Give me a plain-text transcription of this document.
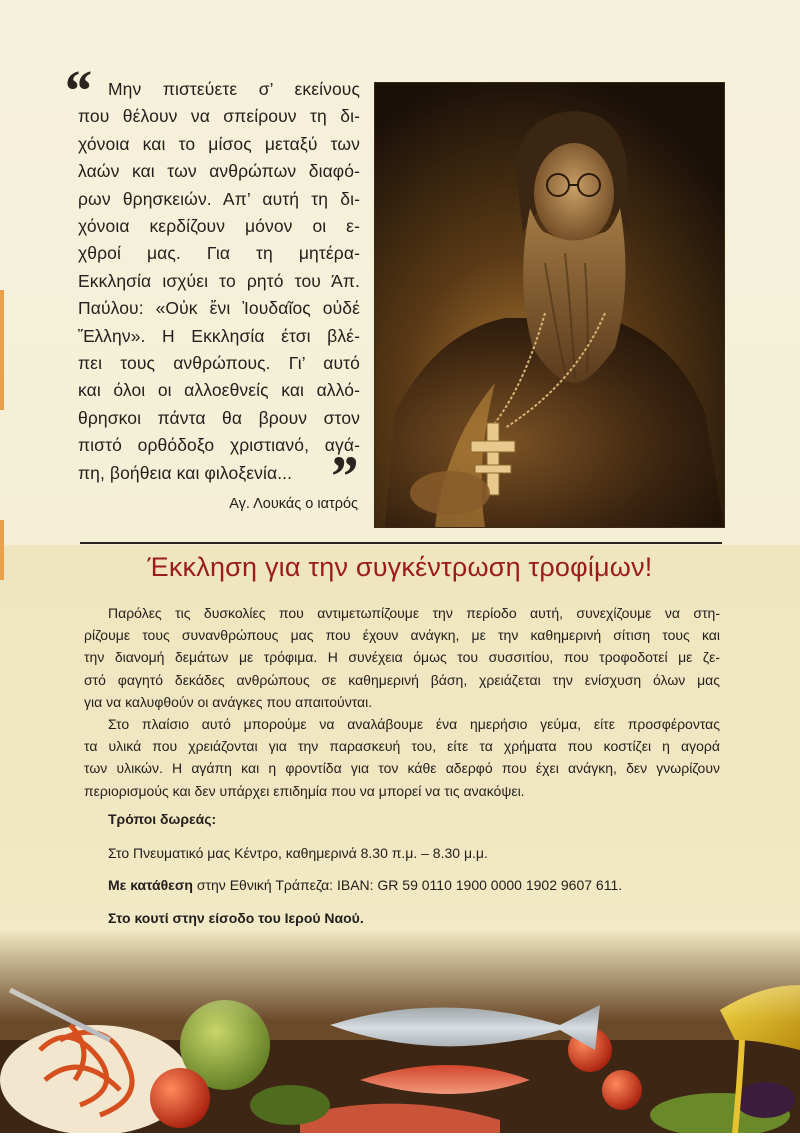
“ Μην πιστεύετε σ’ εκείνους
που θέλουν να σπείρουν τη δι-
χόνοια και το μίσος μεταξύ των
λαών και των ανθρώπων διαφό-
ρων θρησκειών. Απ’ αυτή τη δι-
χόνοια κερδίζουν μόνον οι ε-
χθροί μας. Για τη μητέρα-
Εκκλησία ισχύει το ρητό του Άπ.
Παύλου: «Οὐκ ἔνι Ἰουδαῖος οὐδέ
Ἕλλην». Η Εκκλησία έτσι βλέ-
πει τους ανθρώπους. Γι’ αυτό
και όλοι οι αλλοεθνείς και αλλό-
θρησκοι πάντα θα βρουν στον
πιστό ορθόδοξο χριστιανό, αγά-
πη, βοήθεια και φιλοξενία... ”
Αγ. Λουκάς ο ιατρός
Έκκληση για την συγκέντρωση τροφίμων!
Παρόλες τις δυσκολίες που αντιμετωπίζουμε την περίοδο αυτή, συνεχίζουμε να στη-
ρίζουμε τους συνανθρώπους μας που έχουν ανάγκη, με την καθημερινή σίτιση τους και
την διανομή δεμάτων με τρόφιμα. Η συνέχεια όμως του συσσιτίου, που τροφοδοτεί με ζε-
στό φαγητό δεκάδες ανθρώπους σε καθημερινή βάση, χρειάζεται την ενίσχυση όλων μας
για να καλυφθούν οι ανάγκες που απαιτούνται.
Στο πλαίσιο αυτό μπορούμε να αναλάβουμε ένα ημερήσιο γεύμα, είτε προσφέροντας
τα υλικά που χρειάζονται για την παρασκευή του, είτε τα χρήματα που κοστίζει η αγορά
των υλικών. Η αγάπη και η φροντίδα για τον κάθε αδερφό που έχει ανάγκη, δεν γνωρίζουν
περιορισμούς και δεν υπάρχει επιδημία που να μπορεί να τις ανακόψει.
Τρόποι δωρεάς:
Στο Πνευματικό μας Κέντρο, καθημερινά 8.30 π.μ. – 8.30 μ.μ.
Με κατάθεση στην Εθνική Τράπεζα: IBAN: GR 59 0110 1900 0000 1902 9607 611.
Στο κουτί στην είσοδο του Ιερού Ναού.
